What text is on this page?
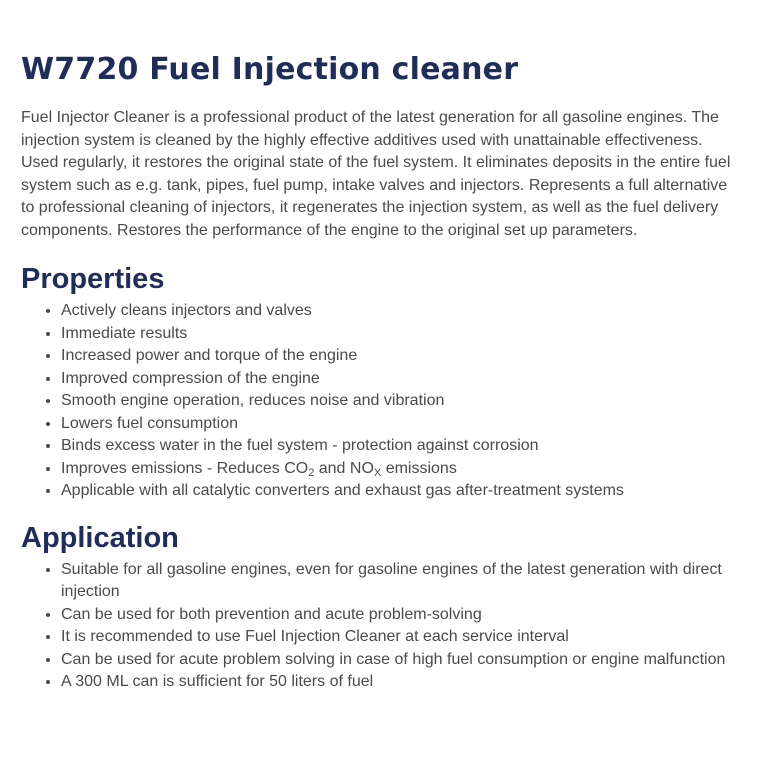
W7720 Fuel Injection cleaner

Fuel Injector Cleaner is a professional product of the latest generation for all gasoline engines. The injection system is cleaned by the highly effective additives used with unattainable effectiveness. Used regularly, it restores the original state of the fuel system. It eliminates deposits in the entire fuel system such as e.g. tank, pipes, fuel pump, intake valves and injectors. Represents a full alternative to professional cleaning of injectors, it regenerates the injection system, as well as the fuel delivery components. Restores the performance of the engine to the original set up parameters.

Properties
• Actively cleans injectors and valves
• Immediate results
• Increased power and torque of the engine
• Improved compression of the engine
• Smooth engine operation, reduces noise and vibration
• Lowers fuel consumption
• Binds excess water in the fuel system - protection against corrosion
• Improves emissions - Reduces $CO_2$ and $NO_X$ emissions
• Applicable with all catalytic converters and exhaust gas after-treatment systems
Application
• Suitable for all gasoline engines, even for gasoline engines of the latest generation with direct injection
• Can be used for both prevention and acute problem-solving
• It is recommended to use Fuel Injection Cleaner at each service interval
• Can be used for acute problem solving in case of high fuel consumption or engine malfunction
• A 300 ML can is sufficient for 50 liters of fuel
